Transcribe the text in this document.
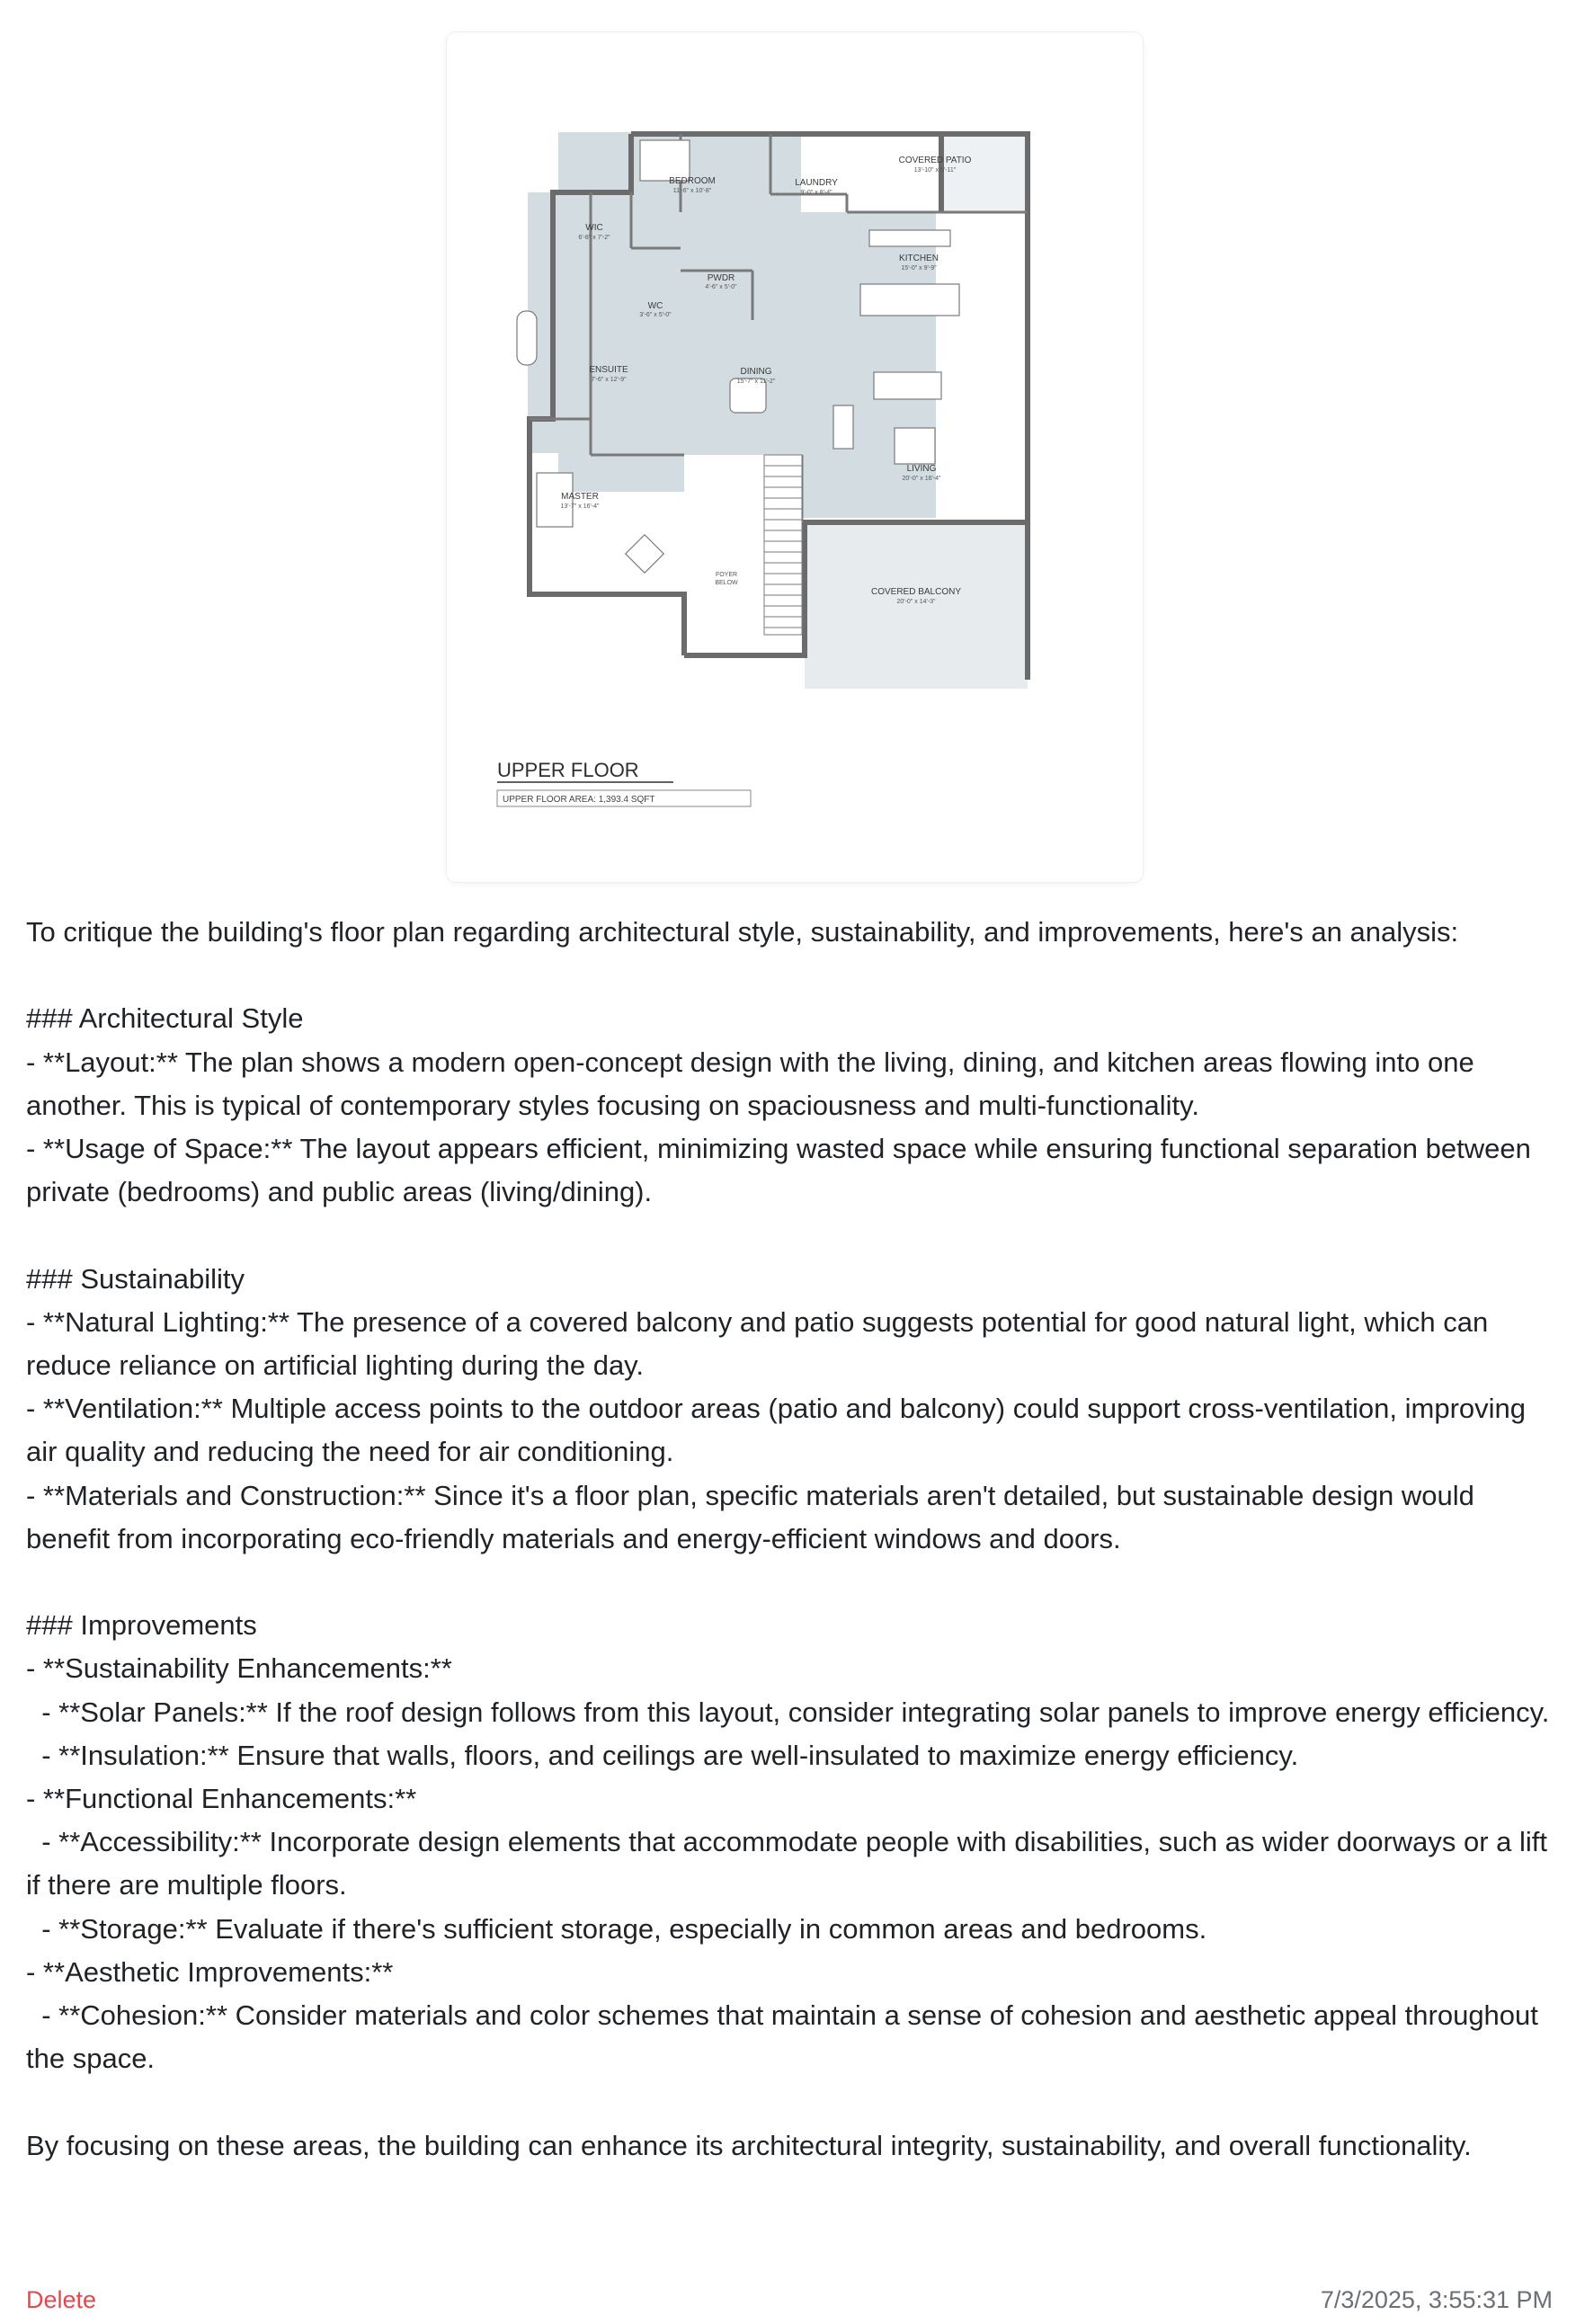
BEDROOM
11'-6" x 10'-8"
LAUNDRY
9'-0" x 8'-4"
COVERED PATIO
13'-10" x 6'-11"
WIC
6'-8" x 7'-2"
PWDR
4'-6" x 5'-0"
KITCHEN
15'-0" x 9'-9"
WC
3'-6" x 5'-0"
ENSUITE
7'-6" x 12'-9"
DINING
15'-7" x 11'-2"
LIVING
20'-0" x 16'-4"
MASTER
13'-7" x 16'-4"
FOYER
BELOW
COVERED BALCONY
20'-0" x 14'-3"
UPPER FLOOR
UPPER FLOOR AREA: 1,393.4 SQFT
To critique the building's floor plan regarding architectural style, sustainability, and improvements, here's an analysis:

### Architectural Style
- **Layout:** The plan shows a modern open-concept design with the living, dining, and kitchen areas flowing into one another. This is typical of contemporary styles focusing on spaciousness and multi-functionality.
- **Usage of Space:** The layout appears efficient, minimizing wasted space while ensuring functional separation between private (bedrooms) and public areas (living/dining).

### Sustainability
- **Natural Lighting:** The presence of a covered balcony and patio suggests potential for good natural light, which can reduce reliance on artificial lighting during the day.
- **Ventilation:** Multiple access points to the outdoor areas (patio and balcony) could support cross-ventilation, improving air quality and reducing the need for air conditioning.
- **Materials and Construction:** Since it's a floor plan, specific materials aren't detailed, but sustainable design would benefit from incorporating eco-friendly materials and energy-efficient windows and doors.

### Improvements
- **Sustainability Enhancements:**
- **Solar Panels:** If the roof design follows from this layout, consider integrating solar panels to improve energy efficiency.
- **Insulation:** Ensure that walls, floors, and ceilings are well-insulated to maximize energy efficiency.
- **Functional Enhancements:**
- **Accessibility:** Incorporate design elements that accommodate people with disabilities, such as wider doorways or a lift if there are multiple floors.
- **Storage:** Evaluate if there's sufficient storage, especially in common areas and bedrooms.
- **Aesthetic Improvements:**
- **Cohesion:** Consider materials and color schemes that maintain a sense of cohesion and aesthetic appeal throughout the space.

By focusing on these areas, the building can enhance its architectural integrity, sustainability, and overall functionality.
Delete	7/3/2025, 3:55:31 PM
